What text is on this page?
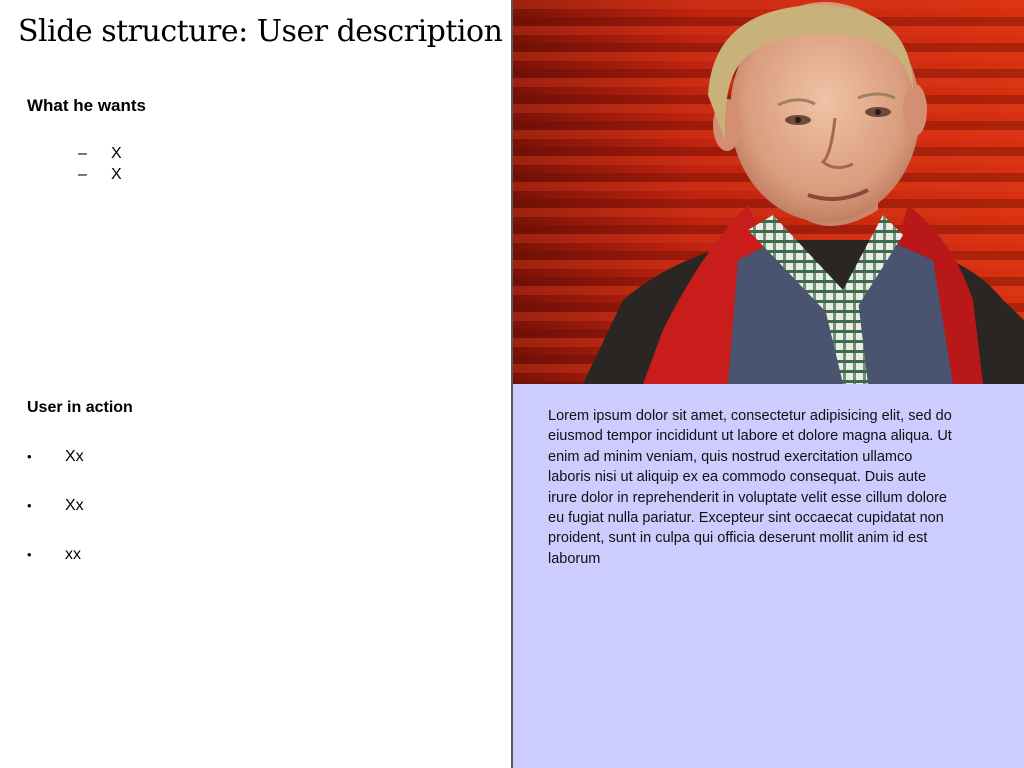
Slide structure: User description
What he wants
–	X
–	X
User in action
•	Xx
•	Xx
•	xx

Lorem ipsum dolor sit amet, consectetur adipisicing elit, sed do eiusmod tempor incididunt ut labore et dolore magna aliqua. Ut enim ad minim veniam, quis nostrud exercitation ullamco laboris nisi ut aliquip ex ea commodo consequat. Duis aute irure dolor in reprehenderit in voluptate velit esse cillum dolore eu fugiat nulla pariatur. Excepteur sint occaecat cupidatat non proident, sunt in culpa qui officia deserunt mollit anim id est laborum
